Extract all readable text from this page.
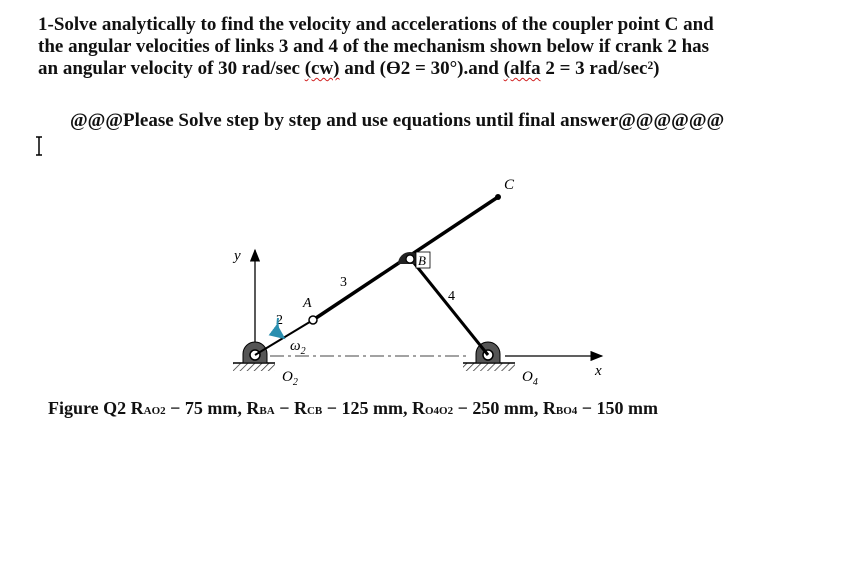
1-Solve analytically to find the velocity and accelerations of the coupler point C and
the angular velocities of links 3 and 4 of the mechanism shown below if crank 2 has
an angular velocity of 30 rad/sec (cw) and (ϴ2 = 30°).and (alfa 2 = 3 rad/sec²)
@@@Please Solve step by step and use equations until final answer@@@@@@
y
x
$O_2$	$O_4$
A
2
3
4
B
C
$\omega_2$
Figure Q2 RAO2 − 75 mm, RBA − RCB − 125 mm, RO4O2 − 250 mm, RBO4 − 150 mm
